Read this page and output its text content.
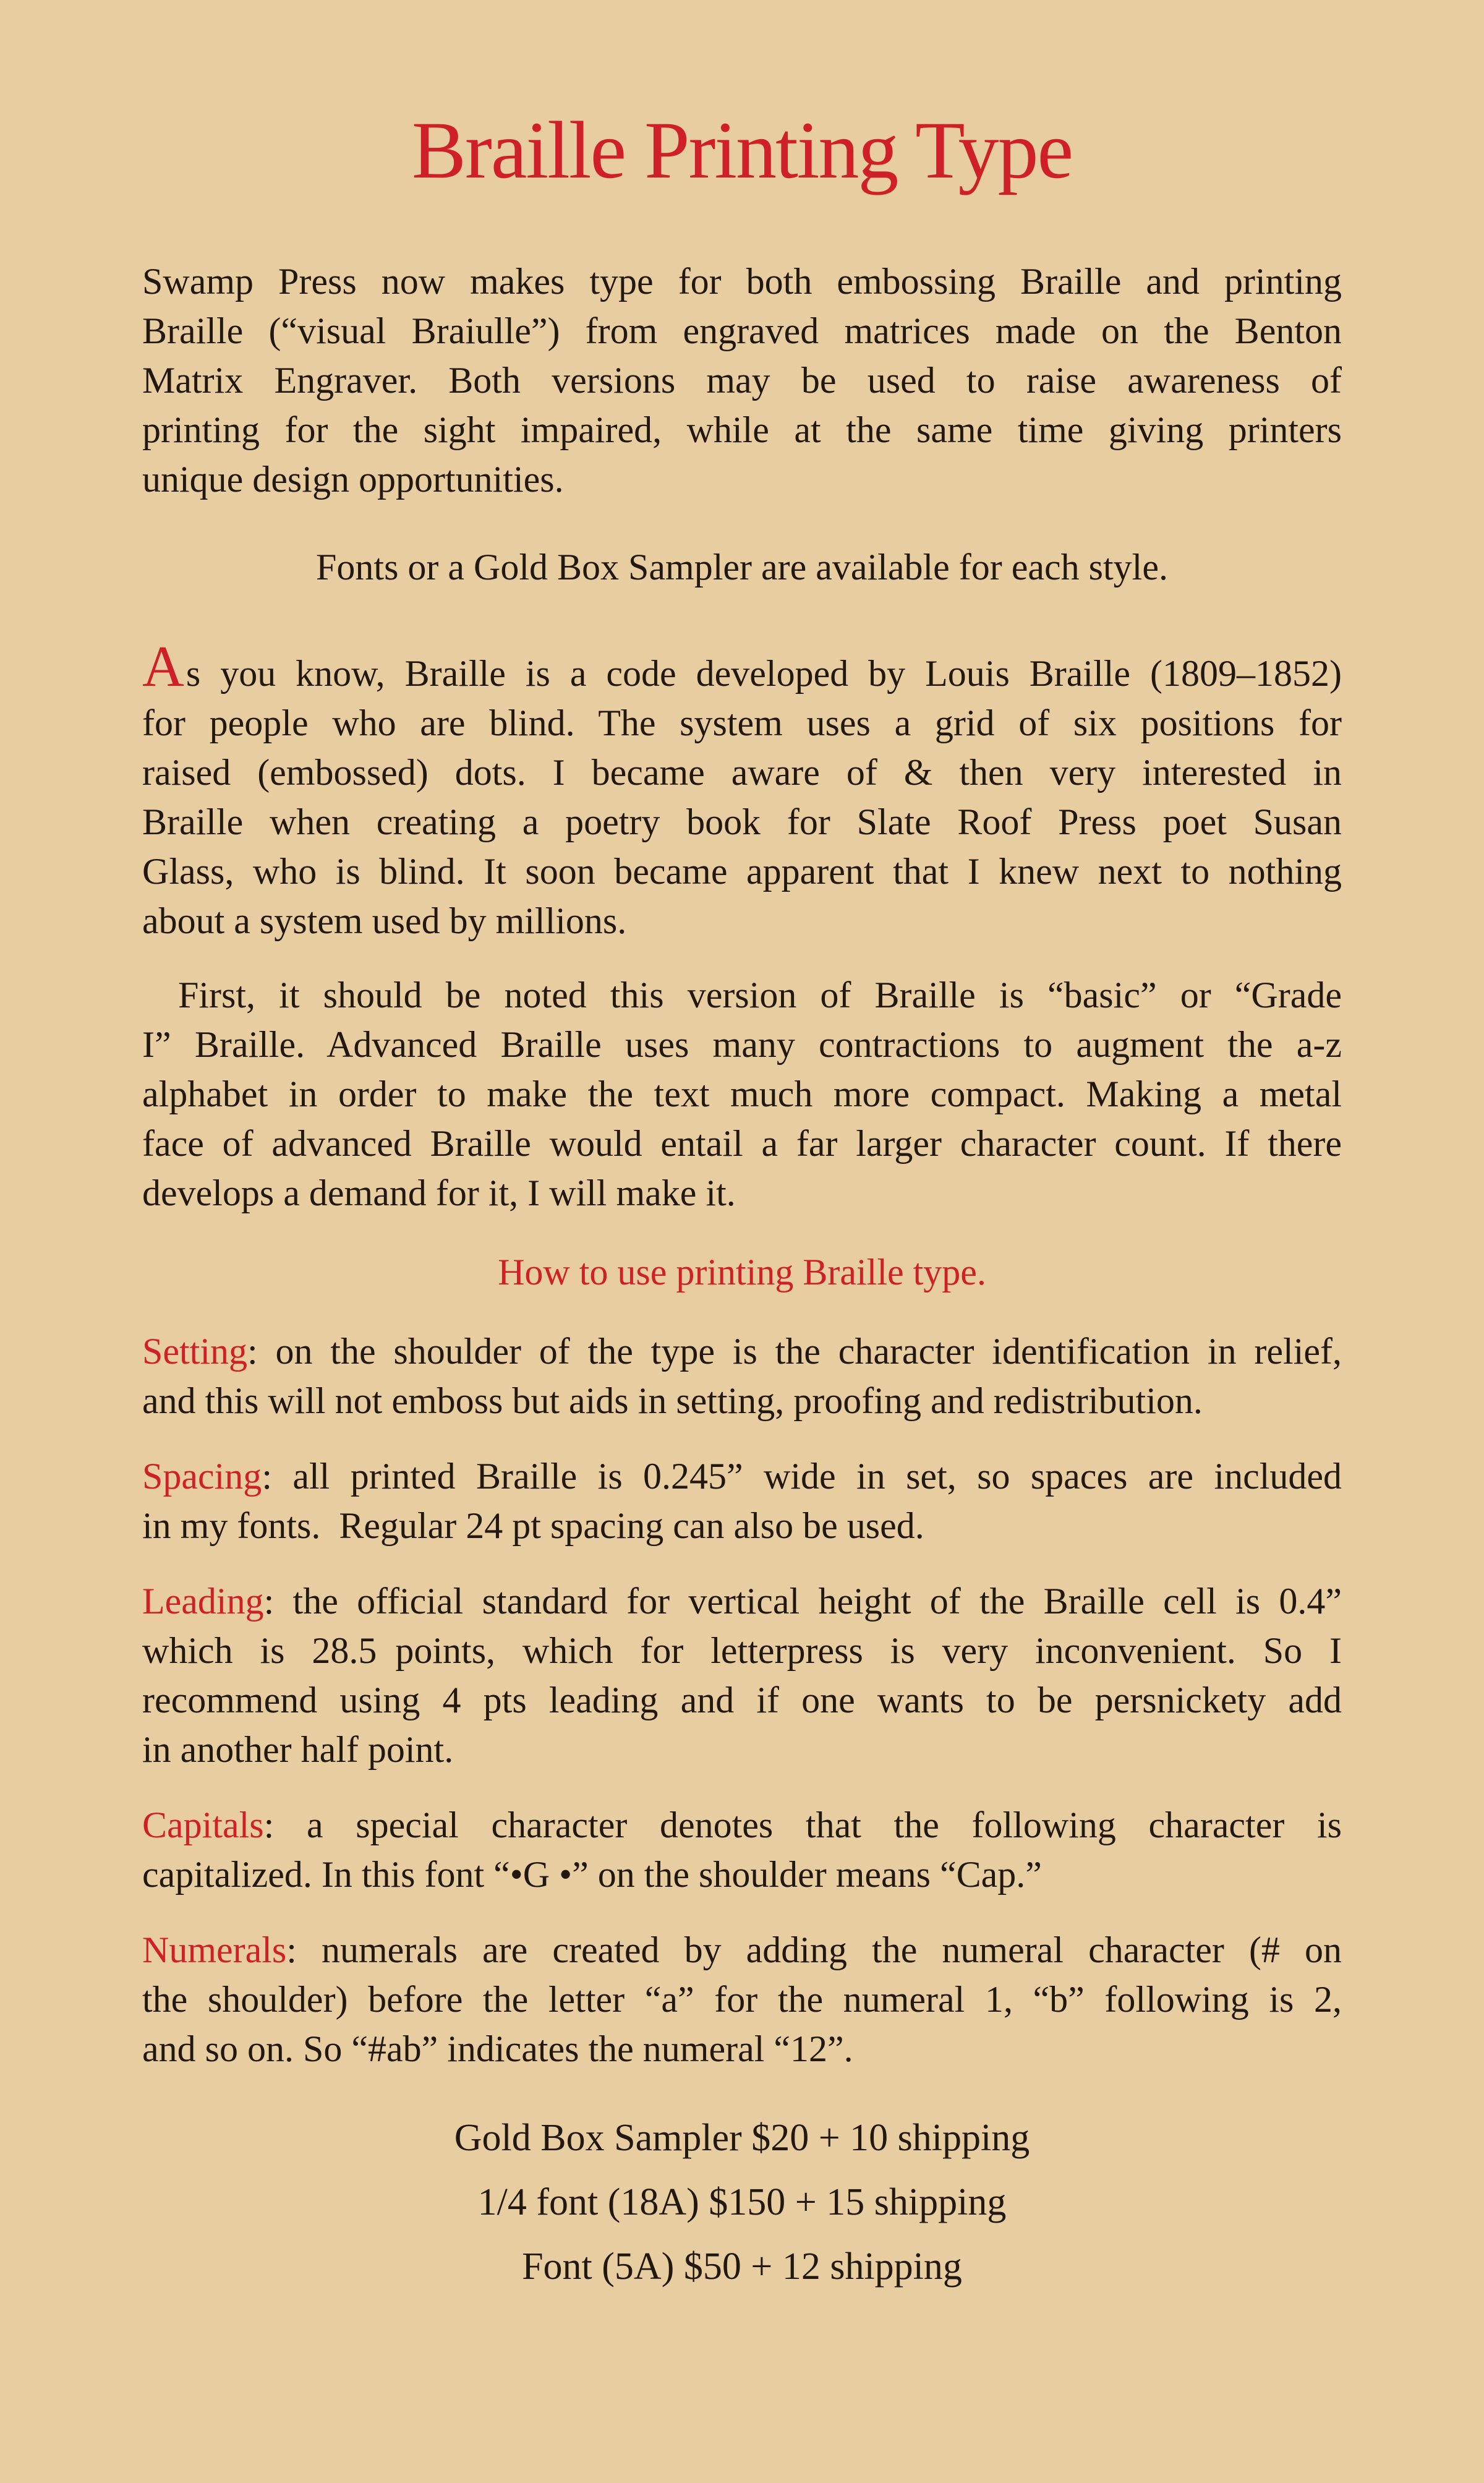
Braille Printing Type
Swamp Press now makes type for both embossing Braille and printing
Braille (“visual Braiulle”) from engraved matrices made on the Benton
Matrix Engraver. Both versions may be used to raise awareness of
printing for the sight impaired, while at the same time giving printers
unique design opportunities.
Fonts or a Gold Box Sampler are available for each style.
As you know, Braille is a code developed by Louis Braille (1809–1852)
for people who are blind. The system uses a grid of six positions for
raised (embossed) dots. I became aware of & then very interested in
Braille when creating a poetry book for Slate Roof Press poet Susan
Glass, who is blind. It soon became apparent that I knew next to nothing
about a system used by millions.
First, it should be noted this version of Braille is “basic” or “Grade
I” Braille. Advanced Braille uses many contractions to augment the a-z
alphabet in order to make the text much more compact. Making a metal
face of advanced Braille would entail a far larger character count. If there
develops a demand for it, I will make it.
How to use printing Braille type.
Setting: on the shoulder of the type is the character identification in relief,
and this will not emboss but aids in setting, proofing and redistribution.
Spacing: all printed Braille is 0.245” wide in set, so spaces are included
in my fonts. Regular 24 pt spacing can also be used.
Leading: the official standard for vertical height of the Braille cell is 0.4”
which is 28.5 points, which for letterpress is very inconvenient. So I
recommend using 4 pts leading and if one wants to be persnickety add
in another half point.
Capitals: a special character denotes that the following character is
capitalized. In this font “•G •” on the shoulder means “Cap.”
Numerals: numerals are created by adding the numeral character (# on
the shoulder) before the letter “a” for the numeral 1, “b” following is 2,
and so on. So “#ab” indicates the numeral “12”.
Gold Box Sampler $20 + 10 shipping
1/4 font (18A) $150 + 15 shipping
Font (5A) $50 + 12 shipping
